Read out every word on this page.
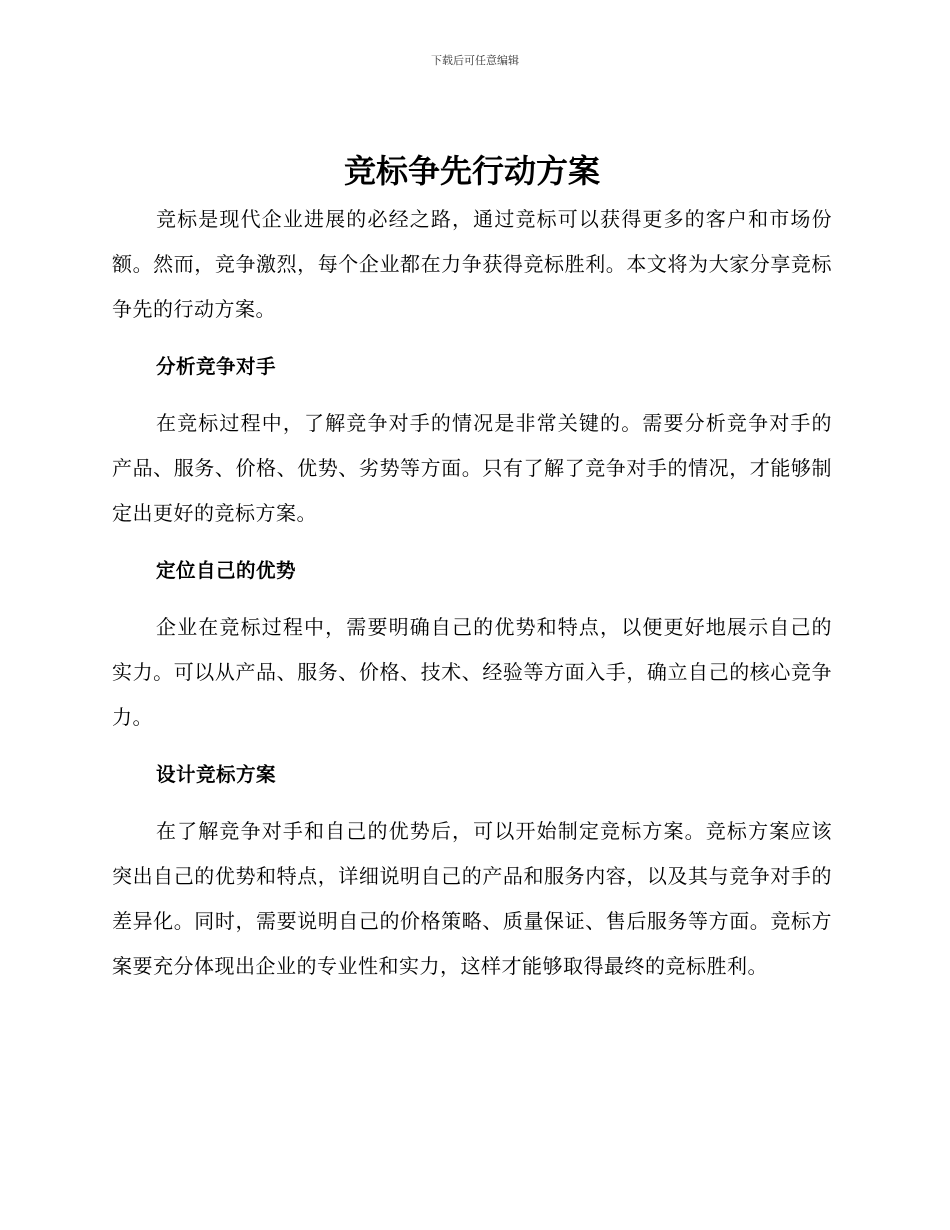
下载后可任意编辑
竞标争先行动方案

竞标是现代企业进展的必经之路，通过竞标可以获得更多的客户和市场份额。然而，竞争激烈，每个企业都在力争获得竞标胜利。本文将为大家分享竞标争先的行动方案。

分析竞争对手

在竞标过程中，了解竞争对手的情况是非常关键的。需要分析竞争对手的产品、服务、价格、优势、劣势等方面。只有了解了竞争对手的情况，才能够制定出更好的竞标方案。

定位自己的优势

企业在竞标过程中，需要明确自己的优势和特点，以便更好地展示自己的实力。可以从产品、服务、价格、技术、经验等方面入手，确立自己的核心竞争力。

设计竞标方案

在了解竞争对手和自己的优势后，可以开始制定竞标方案。竞标方案应该突出自己的优势和特点，详细说明自己的产品和服务内容，以及其与竞争对手的差异化。同时，需要说明自己的价格策略、质量保证、售后服务等方面。竞标方案要充分体现出企业的专业性和实力，这样才能够取得最终的竞标胜利。
